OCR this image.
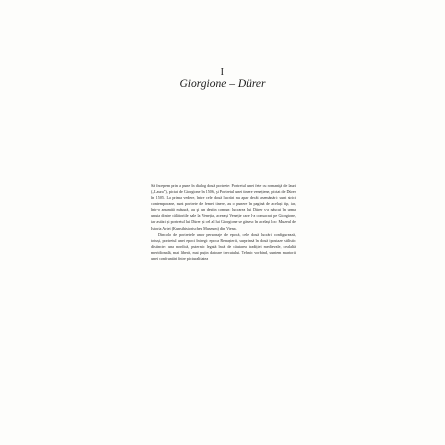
I
Giorgione – Dürer

Să începem prin a pune în dialog două portrete: Portretul unei fete cu romaniţă de lauri („Laura"), pictat de Giorgione în 1506, şi Portretul unei tinere venețiene, pictat de Dürer în 1505. La prima vedere, între cele două lucrări nu apar decât asemănări: sunt strict contemporane, sunt portrete de femei tinere, au o punere în pagină de același tip, iar, într-o anumită măsură, au şi un destin comun: lucrarea lui Dürer s-a născut în urma unuia dintre călătoriile sale la Veneția, aceeași Veneție care l-a consacrat pe Giorgione, iar astăzi și portretul lui Dürer și cel al lui Giorgione se găsesc în același loc: Muzeul de Istoria Artei (Kunsthistorisches Museum) din Viena.

Dincolo de portretele unor personaje de epocă, cele două lucrări configurează, totuși, portretul unei epoci întregi: epoca Renașterii, surprinsă în două ipostaze stilistic distincte: una nordică, puternic legată încă de căutarea tradiției medievale, cealaltă meridională, mai liberă, mai puțin datoare trecutului. Tehnic vorbind, suntem martorii unei confruntări între picturalitatea
